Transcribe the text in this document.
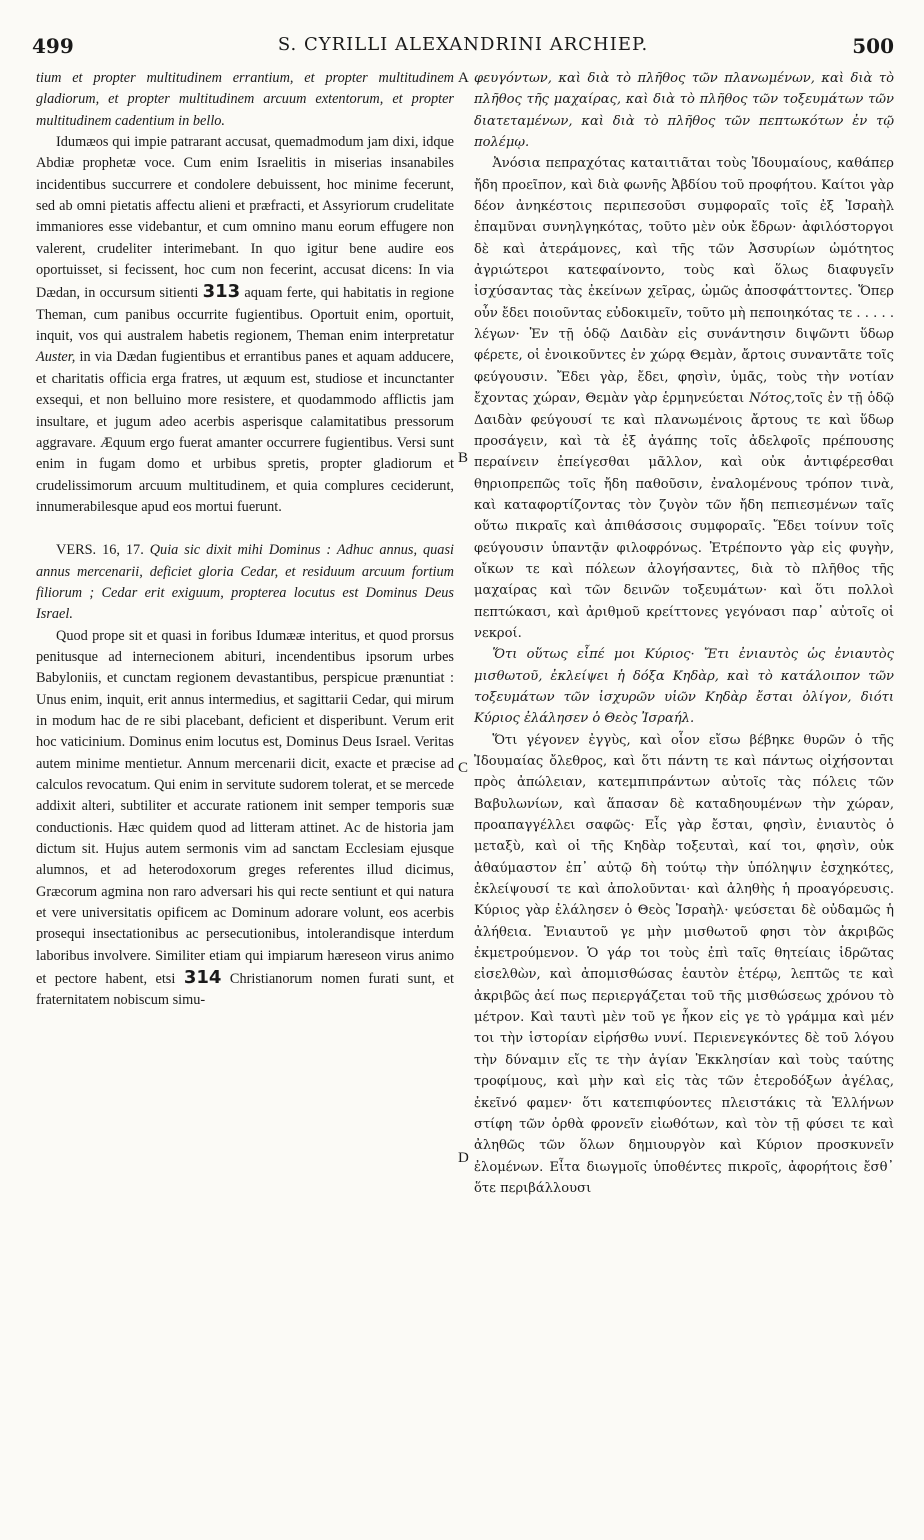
499	S. CYRILLI ALEXANDRINI ARCHIEP.	500

tium et propter multitudinem errantium, et propter multitudinem gladiorum, et propter multitudinem arcuum extentorum, et propter multitudinem cadentium in bello.

Idumæos qui impie patrarant accusat, quemadmodum jam dixi, idque Abdiæ prophetæ voce. Cum enim Israelitis in miserias insanabiles incidentibus succurrere et condolere debuissent, hoc minime fecerunt, sed ab omni pietatis affectu alieni et præfracti, et Assyriorum crudelitate immaniores esse videbantur, et cum omnino manu eorum effugere non valerent, crudeliter interimebant. In quo igitur bene audire eos oportuisset, si fecissent, hoc cum non fecerint, accusat dicens: In via Dædan, in occursum sitienti 313 aquam ferte, qui habitatis in regione Theman, cum panibus occurrite fugientibus. Oportuit enim, oportuit, inquit, vos qui australem habetis regionem, Theman enim interpretatur Auster, in via Dædan fugientibus et errantibus panes et aquam adducere, et charitatis officia erga fratres, ut æquum est, studiose et incunctanter exsequi, et non belluino more resistere, et quodammodo afflictis jam insultare, et jugum adeo acerbis asperisque calamitatibus pressorum aggravare. Æquum ergo fuerat amanter occurrere fugientibus. Versi sunt enim in fugam domo et urbibus spretis, propter gladiorum et crudelissimorum arcuum multitudinem, et quia complures ceciderunt, innumerabilesque apud eos mortui fuerunt.

VERS. 16, 17. Quia sic dixit mihi Dominus : Adhuc annus, quasi annus mercenarii, deficiet gloria Cedar, et residuum arcuum fortium filiorum ; Cedar erit exiguum, propterea locutus est Dominus Deus Israel.

Quod prope sit et quasi in foribus Idumææ interitus, et quod prorsus penitusque ad internecionem abituri, incendentibus ipsorum urbes Babyloniis, et cunctam regionem devastantibus, perspicue prænuntiat : Unus enim, inquit, erit annus intermedius, et sagittarii Cedar, qui mirum in modum hac de re sibi placebant, deficient et disperibunt. Verum erit hoc vaticinium. Dominus enim locutus est, Dominus Deus Israel. Veritas autem minime mentietur. Annum mercenarii dicit, exacte et præcise ad calculos revocatum. Qui enim in servitute sudorem tolerat, et se mercede addixit alteri, subtiliter et accurate rationem init semper temporis suæ conductionis. Hæc quidem quod ad litteram attinet. Ac de historia jam dictum sit. Hujus autem sermonis vim ad sanctam Ecclesiam ejusque alumnos, et ad heterodoxorum greges referentes illud dicimus, Græcorum agmina non raro adversari his qui recte sentiunt et qui natura et vere universitatis opificem ac Dominum adorare volunt, eos acerbis prosequi insectationibus ac persecutionibus, intolerandisque interdum laboribus involvere. Similiter etiam qui impiarum hæreseon virus animo et pectore habent, etsi 314 Christianorum nomen furati sunt, et fraternitatem nobiscum simu-

φευγόντων, καὶ διὰ τὸ πλῆθος τῶν πλανωμένων, καὶ διὰ τὸ πλῆθος τῆς μαχαίρας, καὶ διὰ τὸ πλῆθος τῶν τοξευμάτων τῶν διατεταμένων, καὶ διὰ τὸ πλῆθος τῶν πεπτωκότων ἐν τῷ πολέμῳ.

Ἀνόσια πεπραχότας καταιτιᾶται τοὺς Ἰδουμαίους, καθάπερ ἤδη προεῖπον, καὶ διὰ φωνῆς Ἀβδίου τοῦ προφήτου. Καίτοι γὰρ δέον ἀνηκέστοις περιπεσοῦσι συμφοραῖς τοῖς ἐξ Ἰσραὴλ ἐπαμῦναι συνηλγηκότας, τοῦτο μὲν οὐκ ἔδρων· ἀφιλόστοργοι δὲ καὶ ἀτεράμονες, καὶ τῆς τῶν Ἀσσυρίων ὠμότητος ἀγριώτεροι κατεφαίνοντο, τοὺς καὶ ὅλως διαφυγεῖν ἰσχύσαντας τὰς ἐκείνων χεῖρας, ὠμῶς ἀποσφάττοντες. Ὅπερ οὖν ἔδει ποιοῦντας εὐδοκιμεῖν, τοῦτο μὴ πεποιηκότας τε . . . . . λέγων· Ἐν τῇ ὁδῷ Δαιδὰν εἰς συνάντησιν διψῶντι ὕδωρ φέρετε, οἱ ἐνοικοῦντες ἐν χώρᾳ Θεμὰν, ἄρτοις συναντᾶτε τοῖς φεύγουσιν. Ἔδει γὰρ, ἔδει, φησὶν, ὑμᾶς, τοὺς τὴν νοτίαν ἔχοντας χώραν, Θεμὰν γὰρ ἑρμηνεύεται Νότος,τοῖς ἐν τῇ ὁδῷ Δαιδὰν φεύγουσί τε καὶ πλανωμένοις ἄρτους τε καὶ ὕδωρ προσάγειν, καὶ τὰ ἐξ ἀγάπης τοῖς ἀδελφοῖς πρέπουσης περαίνειν ἐπείγεσθαι μᾶλλον, καὶ οὐκ ἀντιφέρεσθαι θηριοπρεπῶς τοῖς ἤδη παθοῦσιν, ἐναλομένους τρόπον τινὰ, καὶ καταφορτίζοντας τὸν ζυγὸν τῶν ἤδη πεπιεσμένων ταῖς οὕτω πικραῖς καὶ ἀπιθάσσοις συμφοραῖς. Ἔδει τοίνυν τοῖς φεύγουσιν ὑπαντᾷν φιλοφρόνως. Ἐτρέποντο γὰρ εἰς φυγὴν, οἴκων τε καὶ πόλεων ἀλογήσαντες, διὰ τὸ πλῆθος τῆς μαχαίρας καὶ τῶν δεινῶν τοξευμάτων· καὶ ὅτι πολλοὶ πεπτώκασι, καὶ ἀριθμοῦ κρείττονες γεγόνασι παρ᾽ αὐτοῖς οἱ νεκροί.

Ὅτι οὕτως εἶπέ μοι Κύριος· Ἔτι ἐνιαυτὸς ὡς ἐνιαυτὸς μισθωτοῦ, ἐκλείψει ἡ δόξα Κηδὰρ, καὶ τὸ κατάλοιπον τῶν τοξευμάτων τῶν ἰσχυρῶν υἱῶν Κηδὰρ ἔσται ὀλίγον, διότι Κύριος ἐλάλησεν ὁ Θεὸς Ἰσραήλ.

Ὅτι γέγονεν ἐγγὺς, καὶ οἷον εἴσω βέβηκε θυρῶν ὁ τῆς Ἰδουμαίας ὄλεθρος, καὶ ὅτι πάντη τε καὶ πάντως οἰχήσονται πρὸς ἀπώλειαν, κατεμπιπράντων αὐτοῖς τὰς πόλεις τῶν Βαβυλωνίων, καὶ ἅπασαν δὲ καταδηουμένων τὴν χώραν, προαπαγγέλλει σαφῶς· Εἷς γὰρ ἔσται, φησὶν, ἐνιαυτὸς ὁ μεταξὺ, καὶ οἱ τῆς Κηδὰρ τοξευταὶ, καί τοι, φησὶν, οὐκ ἀθαύμαστον ἐπ᾽ αὐτῷ δὴ τούτῳ τὴν ὑπόληψιν ἐσχηκότες, ἐκλείψουσί τε καὶ ἀπολοῦνται· καὶ ἀληθὴς ἡ προαγόρευσις. Κύριος γὰρ ἐλάλησεν ὁ Θεὸς Ἰσραὴλ· ψεύσεται δὲ οὐδαμῶς ἡ ἀλήθεια. Ἐνιαυτοῦ γε μὴν μισθωτοῦ φησι τὸν ἀκριβῶς ἐκμετρούμενον. Ὁ γάρ τοι τοὺς ἐπὶ ταῖς θητείαις ἱδρῶτας εἰσελθὼν, καὶ ἀπομισθώσας ἑαυτὸν ἑτέρῳ, λεπτῶς τε καὶ ἀκριβῶς ἀεί πως περιεργάζεται τοῦ τῆς μισθώσεως χρόνου τὸ μέτρον. Καὶ ταυτὶ μὲν τοῦ γε ἧκον εἰς γε τὸ γράμμα καὶ μέν τοι τὴν ἱστορίαν εἰρήσθω νυνί. Περιενεγκόντες δὲ τοῦ λόγου τὴν δύναμιν εἴς τε τὴν ἁγίαν Ἐκκλησίαν καὶ τοὺς ταύτης τροφίμους, καὶ μὴν καὶ εἰς τὰς τῶν ἑτεροδόξων ἀγέλας, ἐκεῖνό φαμεν· ὅτι κατεπιφύοντες πλειστάκις τὰ Ἑλλήνων στίφη τῶν ὀρθὰ φρονεῖν εἰωθότων, καὶ τὸν τῇ φύσει τε καὶ ἀληθῶς τῶν ὅλων δημιουργὸν καὶ Κύριον προσκυνεῖν ἐλομένων. Εἶτα διωγμοῖς ὑποθέντες πικροῖς, ἀφορήτοις ἔσθ᾽ ὅτε περιβάλλουσι

A
B
C
D
